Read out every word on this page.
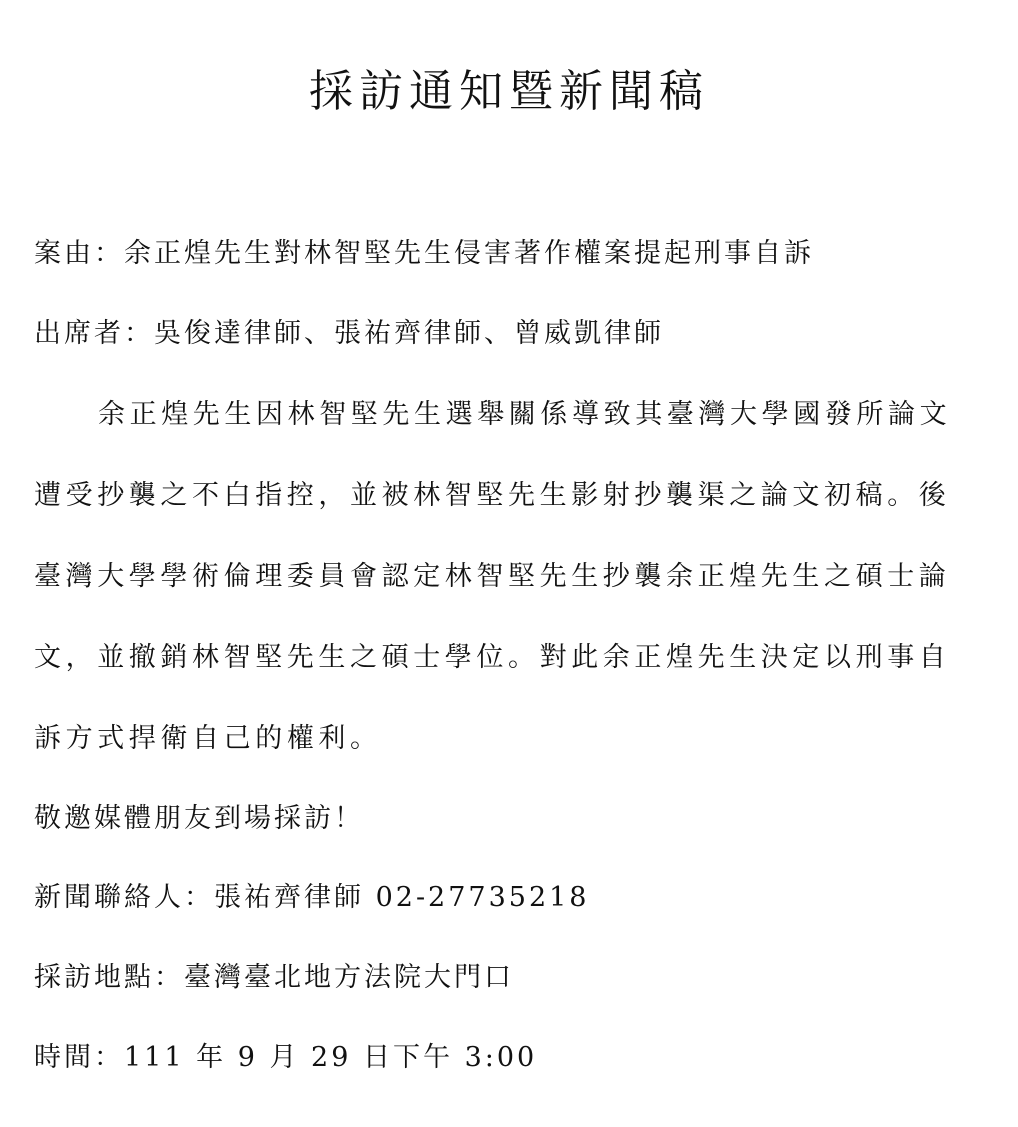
採訪通知暨新聞稿
案由：余正煌先生對林智堅先生侵害著作權案提起刑事自訴
出席者：吳俊達律師、張祐齊律師、曾威凱律師
余正煌先生因林智堅先生選舉關係導致其臺灣大學國發所論文
遭受抄襲之不白指控，並被林智堅先生影射抄襲渠之論文初稿。後
臺灣大學學術倫理委員會認定林智堅先生抄襲余正煌先生之碩士論
文，並撤銷林智堅先生之碩士學位。對此余正煌先生決定以刑事自
訴方式捍衛自己的權利。
敬邀媒體朋友到場採訪！
新聞聯絡人：張祐齊律師 02-27735218
採訪地點：臺灣臺北地方法院大門口
時間：111 年 9 月 29 日下午 3:00
